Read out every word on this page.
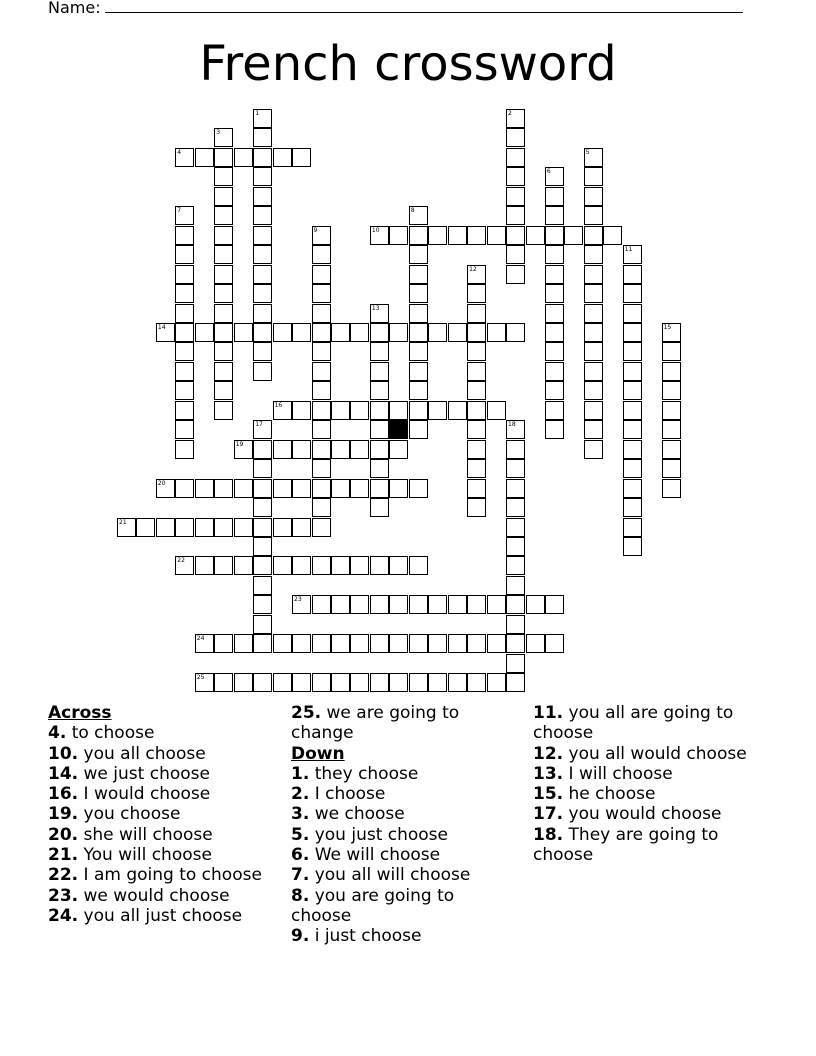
Name:
French crossword
4
10
14
16
19
20
21
22
23
24
25
1	2
3
5
6
7	8
9
11
12
13
15
17	18
Across
4. to choose
10. you all choose
14. we just choose
16. I would choose
19. you choose
20. she will choose
21. You will choose
22. I am going to choose
23. we would choose
24. you all just choose
25. we are going to change
Down
1. they choose
2. I choose
3. we choose
5. you just choose
6. We will choose
7. you all will choose
8. you are going to choose
9. i just choose
11. you all are going to choose
12. you all would choose
13. I will choose
15. he choose
17. you would choose
18. They are going to choose
